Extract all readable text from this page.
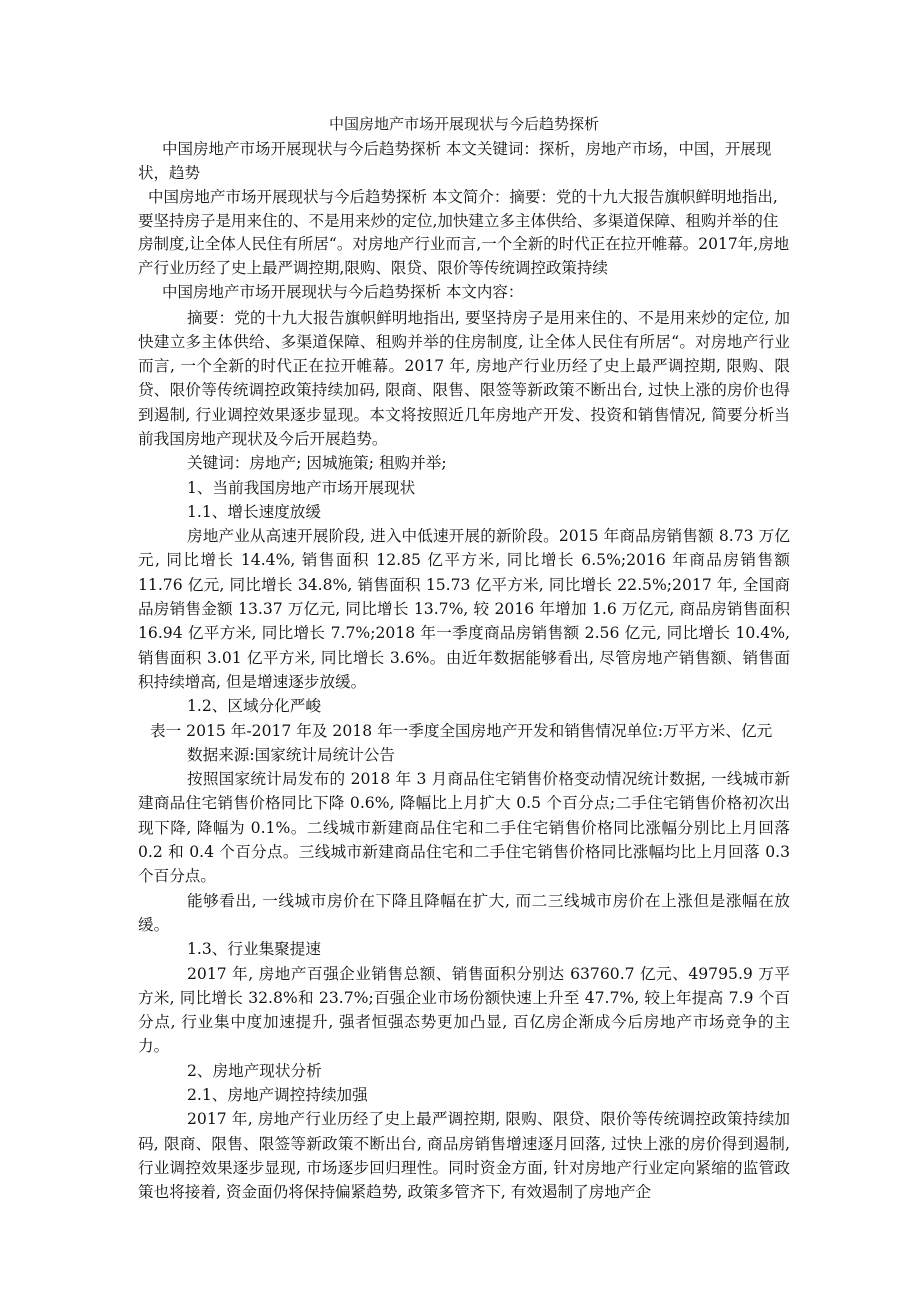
中国房地产市场开展现状与今后趋势探析

中国房地产市场开展现状与今后趋势探析 本文关键词：探析，房地产市场，中国，开展现状，趋势

中国房地产市场开展现状与今后趋势探析 本文简介：摘要：党的十九大报告旗帜鲜明地指出,要坚持房子是用来住的、不是用来炒的定位,加快建立多主体供给、多渠道保障、租购并举的住房制度,让全体人民住有所居“。对房地产行业而言,一个全新的时代正在拉开帷幕。2017年,房地产行业历经了史上最严调控期,限购、限贷、限价等传统调控政策持续

中国房地产市场开展现状与今后趋势探析 本文内容：

摘要：党的十九大报告旗帜鲜明地指出, 要坚持房子是用来住的、不是用来炒的定位, 加快建立多主体供给、多渠道保障、租购并举的住房制度, 让全体人民住有所居“。对房地产行业而言, 一个全新的时代正在拉开帷幕。2017 年, 房地产行业历经了史上最严调控期, 限购、限贷、限价等传统调控政策持续加码, 限商、限售、限签等新政策不断出台, 过快上涨的房价也得到遏制, 行业调控效果逐步显现。本文将按照近几年房地产开发、投资和销售情况, 简要分析当前我国房地产现状及今后开展趋势。

关键词：房地产; 因城施策; 租购并举;

1、当前我国房地产市场开展现状

1.1、增长速度放缓

房地产业从高速开展阶段, 进入中低速开展的新阶段。2015 年商品房销售额 8.73 万亿元, 同比增长 14.4%, 销售面积 12.85 亿平方米, 同比增长 6.5%;2016 年商品房销售额 11.76 亿元, 同比增长 34.8%, 销售面积 15.73 亿平方米, 同比增长 22.5%;2017 年, 全国商品房销售金额 13.37 万亿元, 同比增长 13.7%, 较 2016 年增加 1.6 万亿元, 商品房销售面积 16.94 亿平方米, 同比增长 7.7%;2018 年一季度商品房销售额 2.56 亿元, 同比增长 10.4%, 销售面积 3.01 亿平方米, 同比增长 3.6%。由近年数据能够看出, 尽管房地产销售额、销售面积持续增高, 但是增速逐步放缓。

1.2、区域分化严峻

表一 2015 年-2017 年及 2018 年一季度全国房地产开发和销售情况单位:万平方米、亿元

数据来源:国家统计局统计公告

按照国家统计局发布的 2018 年 3 月商品住宅销售价格变动情况统计数据, 一线城市新建商品住宅销售价格同比下降 0.6%, 降幅比上月扩大 0.5 个百分点;二手住宅销售价格初次出现下降, 降幅为 0.1%。二线城市新建商品住宅和二手住宅销售价格同比涨幅分别比上月回落 0.2 和 0.4 个百分点。三线城市新建商品住宅和二手住宅销售价格同比涨幅均比上月回落 0.3 个百分点。

能够看出, 一线城市房价在下降且降幅在扩大, 而二三线城市房价在上涨但是涨幅在放缓。

1.3、行业集聚提速

2017 年, 房地产百强企业销售总额、销售面积分别达 63760.7 亿元、49795.9 万平方米, 同比增长 32.8%和 23.7%;百强企业市场份额快速上升至 47.7%, 较上年提高 7.9 个百分点, 行业集中度加速提升, 强者恒强态势更加凸显, 百亿房企渐成今后房地产市场竞争的主力。

2、房地产现状分析

2.1、房地产调控持续加强

2017 年, 房地产行业历经了史上最严调控期, 限购、限贷、限价等传统调控政策持续加码, 限商、限售、限签等新政策不断出台, 商品房销售增速逐月回落, 过快上涨的房价得到遏制, 行业调控效果逐步显现, 市场逐步回归理性。同时资金方面, 针对房地产行业定向紧缩的监管政策也将接着, 资金面仍将保持偏紧趋势, 政策多管齐下, 有效遏制了房地产企
